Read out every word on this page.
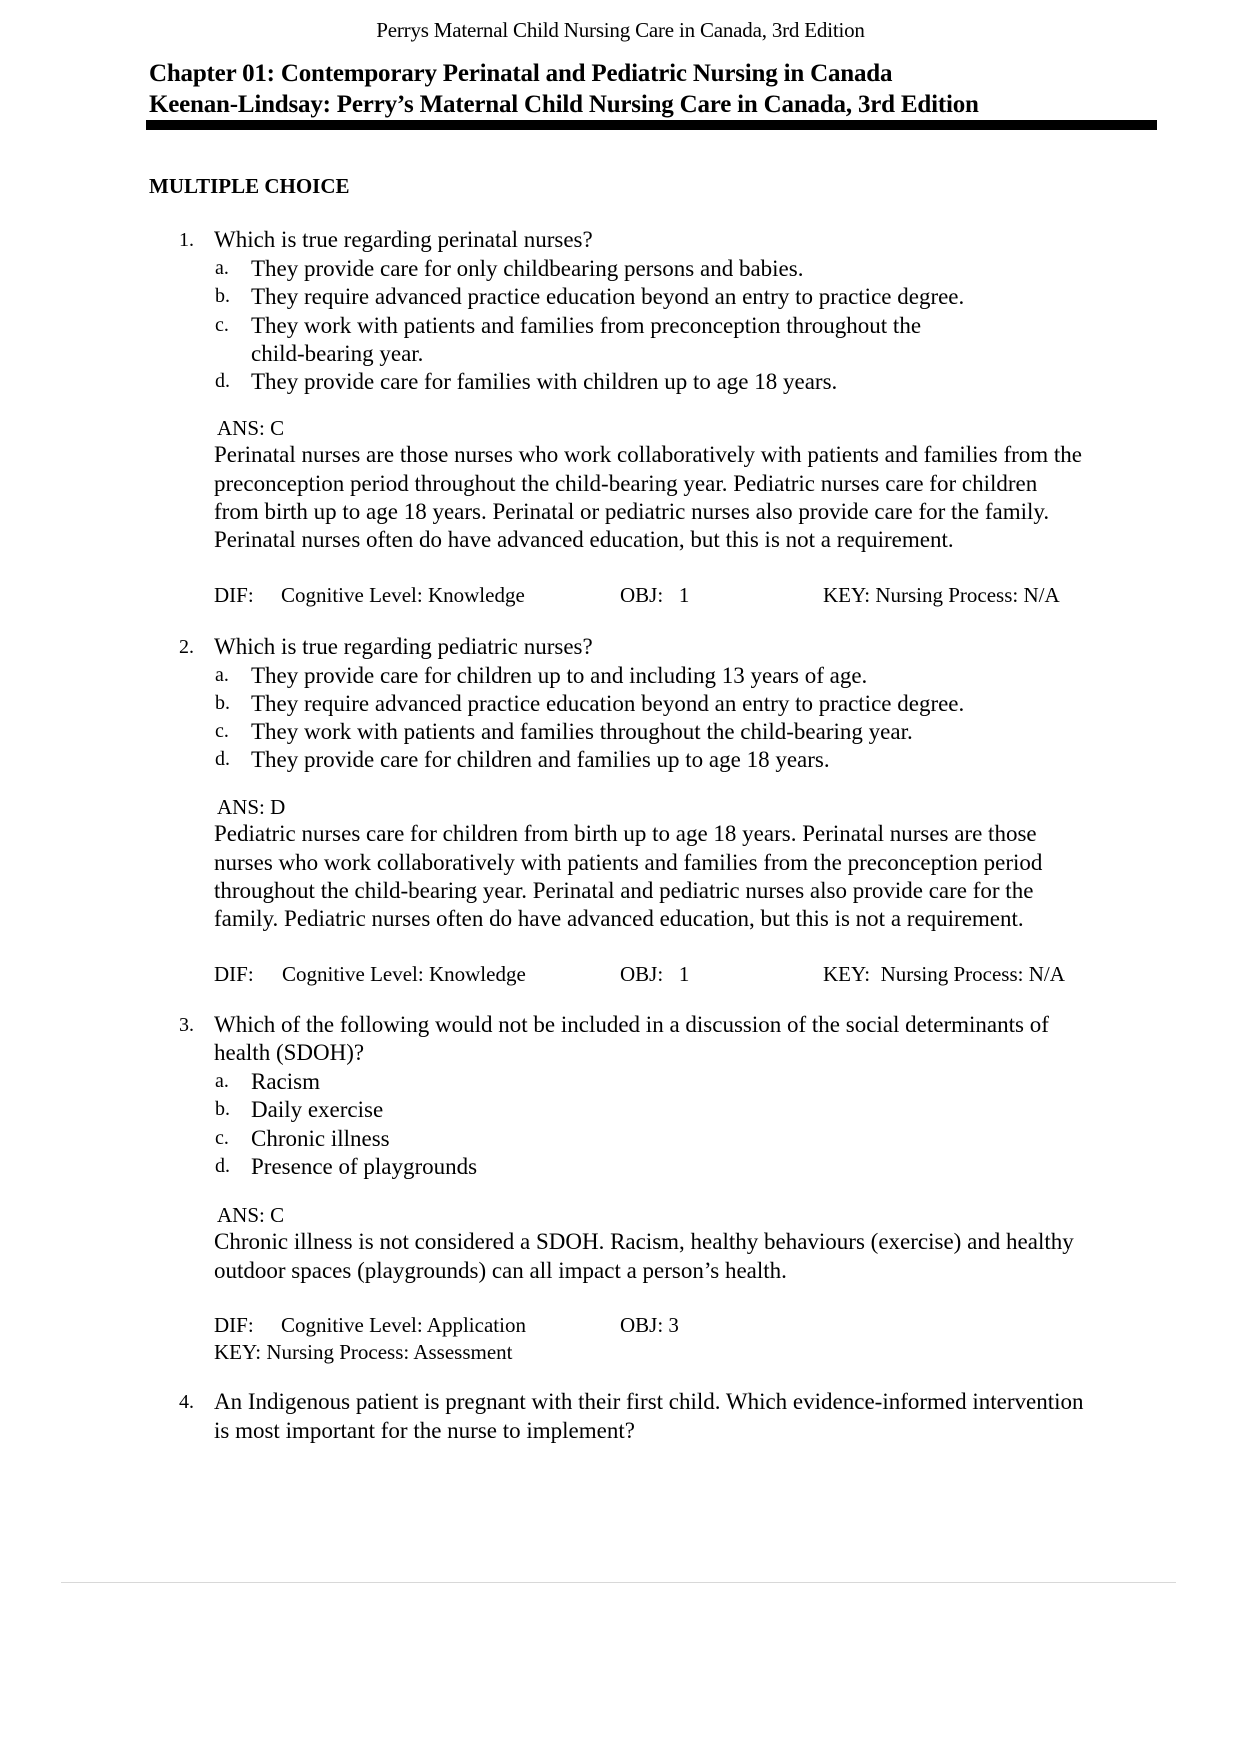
Perrys Maternal Child Nursing Care in Canada, 3rd Edition
Chapter 01: Contemporary Perinatal and Pediatric Nursing in Canada
Keenan-Lindsay: Perry’s Maternal Child Nursing Care in Canada, 3rd Edition
MULTIPLE CHOICE
1. Which is true regarding perinatal nurses?
a. They provide care for only childbearing persons and babies.
b. They require advanced practice education beyond an entry to practice degree.
c. They work with patients and families from preconception throughout the
child-bearing year.
d. They provide care for families with children up to age 18 years.
ANS: C
Perinatal nurses are those nurses who work collaboratively with patients and families from the
preconception period throughout the child-bearing year. Pediatric nurses care for children
from birth up to age 18 years. Perinatal or pediatric nurses also provide care for the family.
Perinatal nurses often do have advanced education, but this is not a requirement.
DIF: Cognitive Level: Knowledge	OBJ:   1	KEY: Nursing Process: N/A
2. Which is true regarding pediatric nurses?
a. They provide care for children up to and including 13 years of age.
b. They require advanced practice education beyond an entry to practice degree.
c. They work with patients and families throughout the child-bearing year.
d. They provide care for children and families up to age 18 years.
ANS: D
Pediatric nurses care for children from birth up to age 18 years. Perinatal nurses are those
nurses who work collaboratively with patients and families from the preconception period
throughout the child-bearing year. Perinatal and pediatric nurses also provide care for the
family. Pediatric nurses often do have advanced education, but this is not a requirement.
DIF: Cognitive Level: Knowledge	OBJ:   1	KEY:  Nursing Process: N/A
3. Which of the following would not be included in a discussion of the social determinants of
health (SDOH)?
a. Racism
b. Daily exercise
c. Chronic illness
d. Presence of playgrounds
ANS: C
Chronic illness is not considered a SDOH. Racism, healthy behaviours (exercise) and healthy
outdoor spaces (playgrounds) can all impact a person’s health.
DIF: Cognitive Level: Application	OBJ: 3
KEY: Nursing Process: Assessment
4. An Indigenous patient is pregnant with their first child. Which evidence-informed intervention
is most important for the nurse to implement?
